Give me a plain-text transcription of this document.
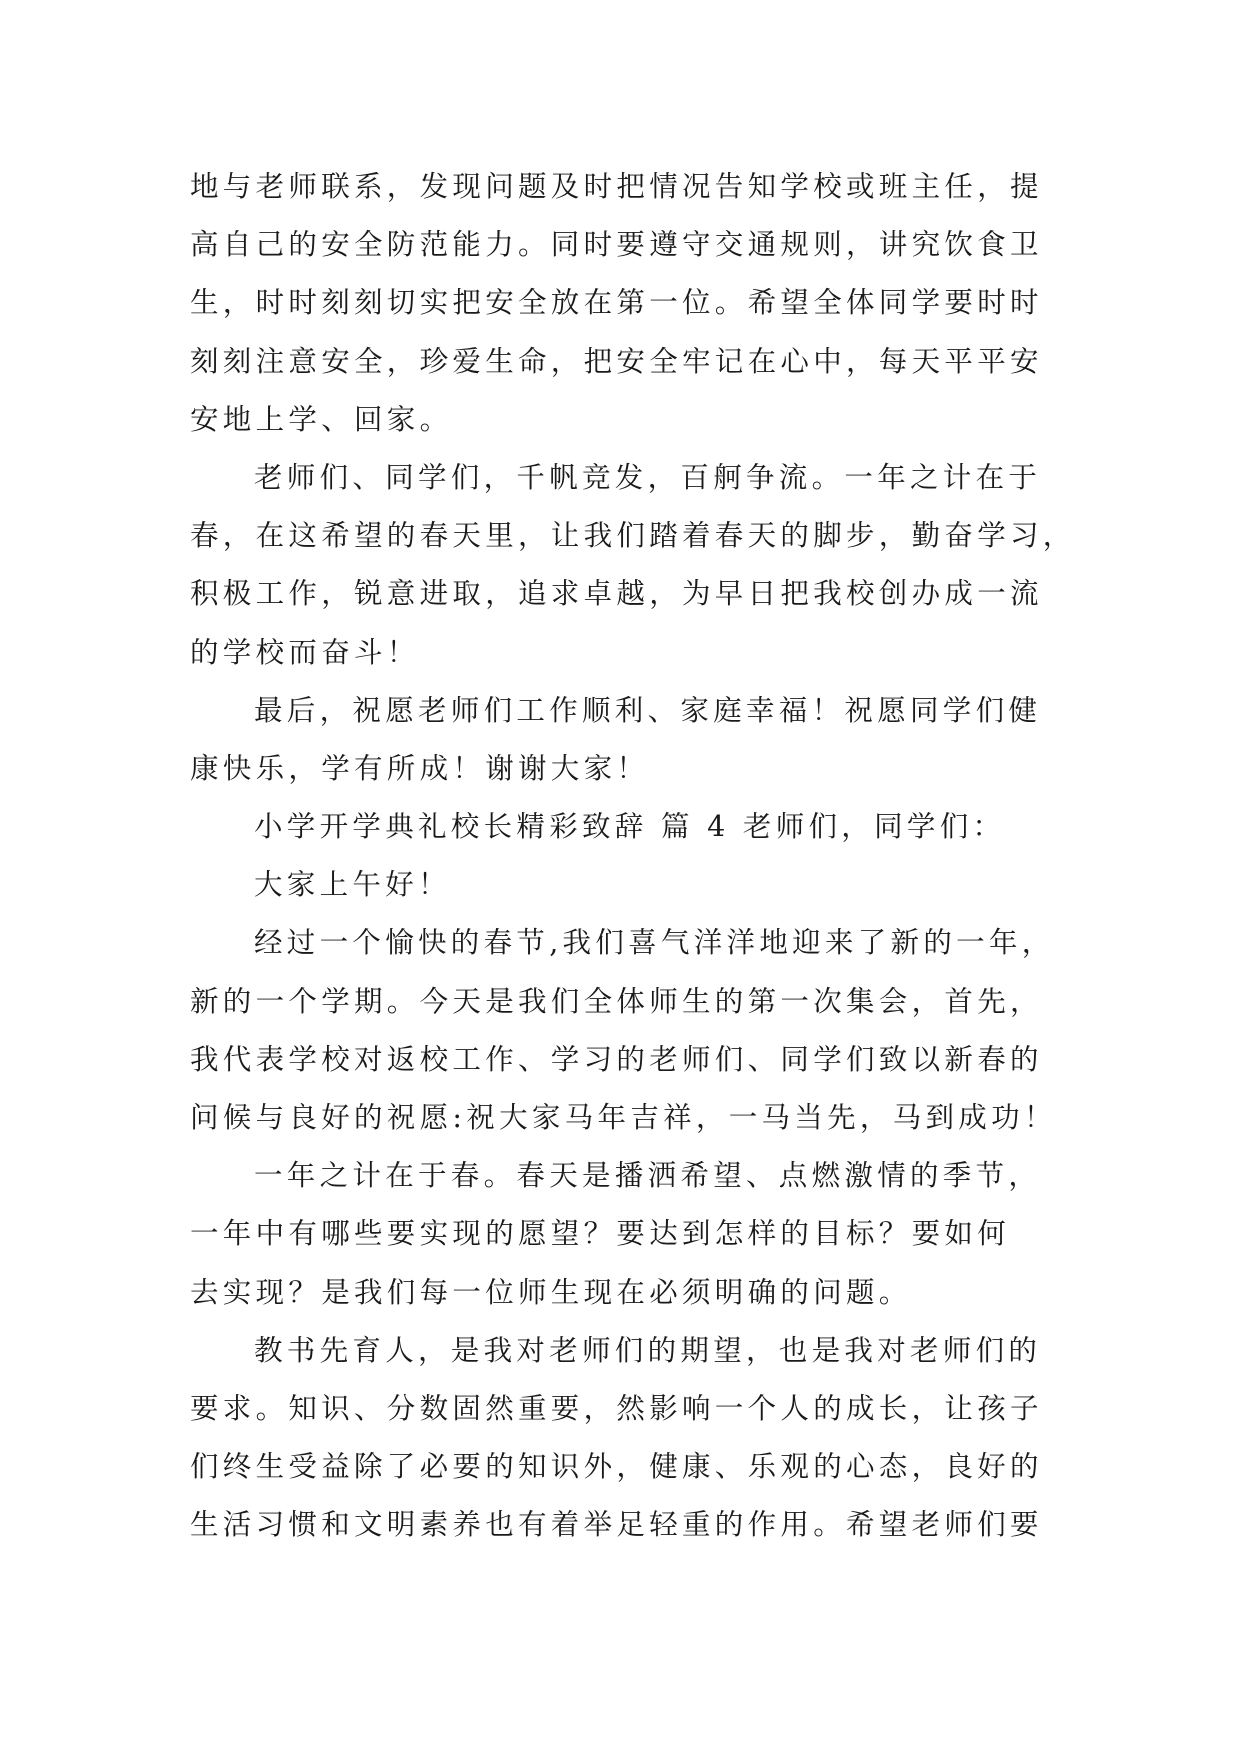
地与老师联系，发现问题及时把情况告知学校或班主任，提
高自己的安全防范能力。同时要遵守交通规则，讲究饮食卫
生，时时刻刻切实把安全放在第一位。希望全体同学要时时
刻刻注意安全，珍爱生命，把安全牢记在心中，每天平平安
安地上学、回家。
老师们、同学们，千帆竞发，百舸争流。一年之计在于
春，在这希望的春天里，让我们踏着春天的脚步，勤奋学习，
积极工作，锐意进取，追求卓越，为早日把我校创办成一流
的学校而奋斗！
最后，祝愿老师们工作顺利、家庭幸福！祝愿同学们健
康快乐，学有所成！谢谢大家！
小学开学典礼校长精彩致辞 篇 4 老师们，同学们：
大家上午好！
经过一个愉快的春节,我们喜气洋洋地迎来了新的一年，
新的一个学期。今天是我们全体师生的第一次集会，首先，
我代表学校对返校工作、学习的老师们、同学们致以新春的
问候与良好的祝愿:祝大家马年吉祥，一马当先，马到成功！
一年之计在于春。春天是播洒希望、点燃激情的季节，
一年中有哪些要实现的愿望？要达到怎样的目标？要如何
去实现？是我们每一位师生现在必须明确的问题。
教书先育人，是我对老师们的期望，也是我对老师们的
要求。知识、分数固然重要，然影响一个人的成长，让孩子
们终生受益除了必要的知识外，健康、乐观的心态，良好的
生活习惯和文明素养也有着举足轻重的作用。希望老师们要
